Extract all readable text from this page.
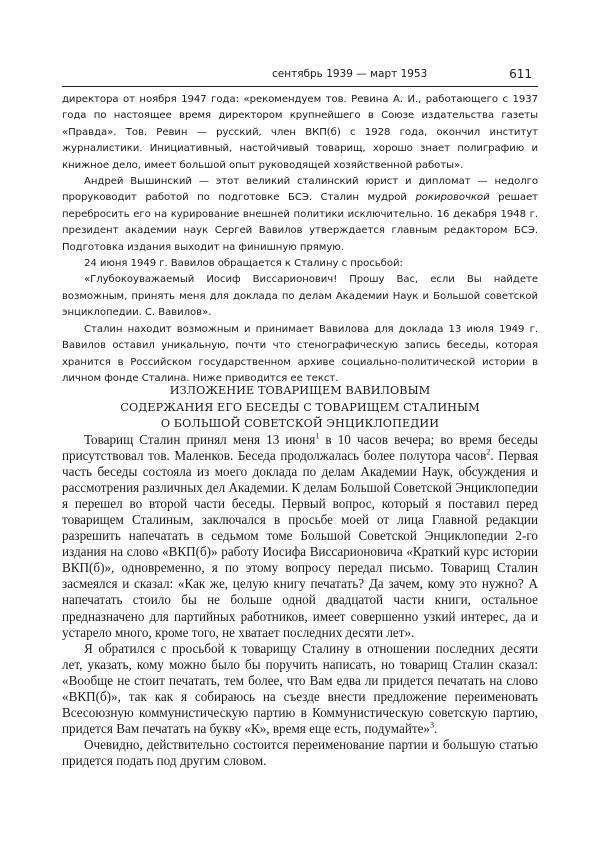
сентябрь 1939 — март 1953	611

директора от ноября 1947 года: «рекомендуем тов. Ревина А. И., работающего с 1937 года по настоящее время директором крупнейшего в Союзе издательства газеты «Правда». Тов. Ревин — русский, член ВКП(б) с 1928 года, окончил институт журналистики. Инициативный, настойчивый товарищ, хорошо знает полиграфию и книжное дело, имеет большой опыт руководящей хозяйственной работы».

Андрей Вышинский — этот великий сталинский юрист и дипломат — недолго проруководит работой по подготовке БСЭ. Сталин мудрой рокировочкой решает перебросить его на курирование внешней политики исключительно. 16 декабря 1948 г. президент академии наук Сергей Вавилов утверждается главным редактором БСЭ. Подготовка издания выходит на финишную прямую.

24 июня 1949 г. Вавилов обращается к Сталину с просьбой:

«Глубокоуважаемый Иосиф Виссарионович! Прошу Вас, если Вы найдете возможным, принять меня для доклада по делам Академии Наук и Большой советской энциклопедии. С. Вавилов».

Сталин находит возможным и принимает Вавилова для доклада 13 июля 1949 г. Вавилов оставил уникальную, почти что стенографическую запись беседы, которая хранится в Российском государственном архиве социально-политической истории в личном фонде Сталина. Ниже приводится ее текст.

ИЗЛОЖЕНИЕ ТОВАРИЩЕМ ВАВИЛОВЫМ
СОДЕРЖАНИЯ ЕГО БЕСЕДЫ С ТОВАРИЩЕМ СТАЛИНЫМ
О БОЛЬШОЙ СОВЕТСКОЙ ЭНЦИКЛОПЕДИИ

Товарищ Сталин принял меня 13 июня$^1$ в 10 часов вечера; во время беседы присутствовал тов. Маленков. Беседа продолжалась более полутора часов$^2$. Первая часть беседы состояла из моего доклада по делам Академии Наук, обсуждения и рассмотрения различных дел Академии. К делам Большой Советской Энциклопедии я перешел во второй части беседы. Первый вопрос, который я поставил перед товарищем Сталиным, заключался в просьбе моей от лица Главной редакции разрешить напечатать в седьмом томе Большой Советской Энциклопедии 2-го издания на слово «ВКП(б)» работу Иосифа Виссарионовича «Краткий курс истории ВКП(б)», одновременно, я по этому вопросу передал письмо. Товарищ Сталин засмеялся и сказал: «Как же, целую книгу печатать? Да зачем, кому это нужно? А напечатать стоило бы не больше одной двадцатой части книги, остальное предназначено для партийных работников, имеет совершенно узкий интерес, да и устарело много, кроме того, не хватает последних десяти лет».

Я обратился с просьбой к товарищу Сталину в отношении последних десяти лет, указать, кому можно было бы поручить написать, но товарищ Сталин сказал: «Вообще не стоит печатать, тем более, что Вам едва ли придется печатать на слово «ВКП(б)», так как я собираюсь на съезде внести предложение переименовать Всесоюзную коммунистическую партию в Коммунистическую советскую партию, придется Вам печатать на букву «К», время еще есть, подумайте»$^3$.

Очевидно, действительно состоится переименование партии и большую статью придется подать под другим словом.
